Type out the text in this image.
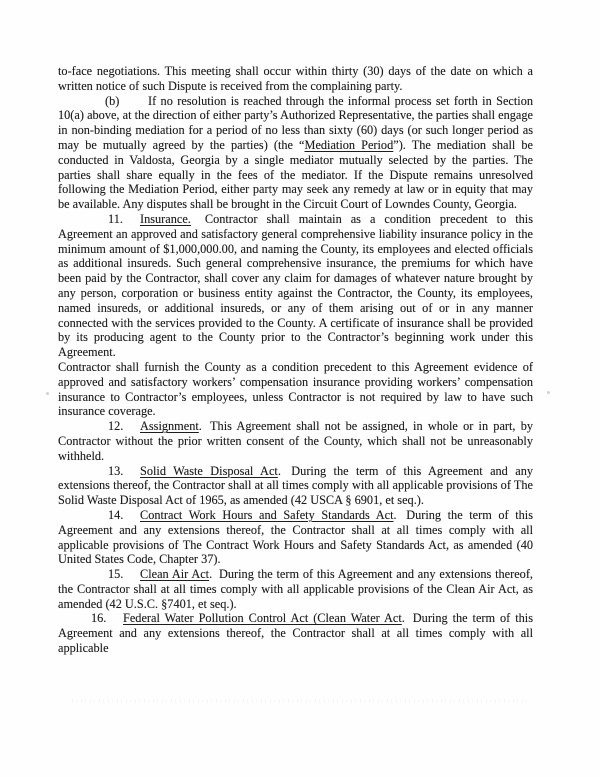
to-face negotiations. This meeting shall occur within thirty (30) days of the date on which a written notice of such Dispute is received from the complaining party.

(b) If no resolution is reached through the informal process set forth in Section 10(a) above, at the direction of either party’s Authorized Representative, the parties shall engage in non-binding mediation for a period of no less than sixty (60) days (or such longer period as may be mutually agreed by the parties) (the “Mediation Period”). The mediation shall be conducted in Valdosta, Georgia by a single mediator mutually selected by the parties. The parties shall share equally in the fees of the mediator. If the Dispute remains unresolved following the Mediation Period, either party may seek any remedy at law or in equity that may be available. Any disputes shall be brought in the Circuit Court of Lowndes County, Georgia.

11. Insurance. Contractor shall maintain as a condition precedent to this Agreement an approved and satisfactory general comprehensive liability insurance policy in the minimum amount of $1,000,000.00, and naming the County, its employees and elected officials as additional insureds. Such general comprehensive insurance, the premiums for which have been paid by the Contractor, shall cover any claim for damages of whatever nature brought by any person, corporation or business entity against the Contractor, the County, its employees, named insureds, or additional insureds, or any of them arising out of or in any manner connected with the services provided to the County. A certificate of insurance shall be provided by its producing agent to the County prior to the Contractor’s beginning work under this Agreement.

Contractor shall furnish the County as a condition precedent to this Agreement evidence of approved and satisfactory workers’ compensation insurance providing workers’ compensation insurance to Contractor’s employees, unless Contractor is not required by law to have such insurance coverage.

12. Assignment. This Agreement shall not be assigned, in whole or in part, by Contractor without the prior written consent of the County, which shall not be unreasonably withheld.

13. Solid Waste Disposal Act. During the term of this Agreement and any extensions thereof, the Contractor shall at all times comply with all applicable provisions of The Solid Waste Disposal Act of 1965, as amended (42 USCA § 6901, et seq.).

14. Contract Work Hours and Safety Standards Act. During the term of this Agreement and any extensions thereof, the Contractor shall at all times comply with all applicable provisions of The Contract Work Hours and Safety Standards Act, as amended (40 United States Code, Chapter 37).

15. Clean Air Act. During the term of this Agreement and any extensions thereof, the Contractor shall at all times comply with all applicable provisions of the Clean Air Act, as amended (42 U.S.C. §7401, et seq.).

16. Federal Water Pollution Control Act (Clean Water Act. During the term of this Agreement and any extensions thereof, the Contractor shall at all times comply with all applicable
